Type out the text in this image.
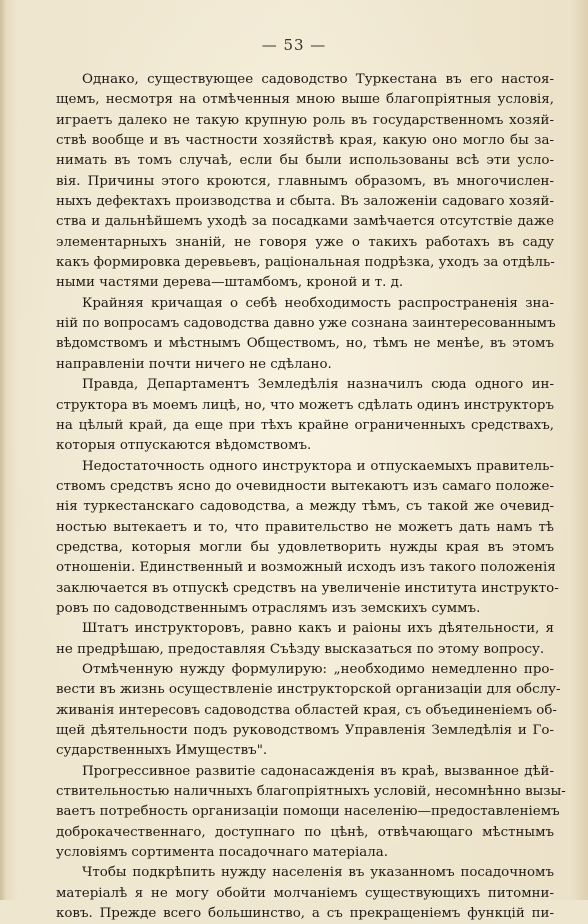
— 53 —
Однако, существующее садоводство Туркестана въ его настоя-
щемъ, несмотря на отмѣченныя мною выше благопріятныя условія,
играетъ далеко не такую крупную роль въ государственномъ хозяй-
ствѣ вообще и въ частности хозяйствѣ края, какую оно могло бы за-
нимать въ томъ случаѣ, если бы были использованы всѣ эти усло-
вія. Причины этого кроются, главнымъ образомъ, въ многочислен-
ныхъ дефектахъ производства и сбыта. Въ заложеніи садоваго хозяй-
ства и дальнѣйшемъ уходѣ за посадками замѣчается отсутствіе даже
элементарныхъ знаній, не говоря уже о такихъ работахъ въ саду
какъ формировка деревьевъ, раціональная подрѣзка, уходъ за отдѣль-
ными частями дерева—штамбомъ, кроной и т. д.
Крайняя кричащая о себѣ необходимость распространенія зна-
ній по вопросамъ садоводства давно уже сознана заинтересованнымъ
вѣдомствомъ и мѣстнымъ Обществомъ, но, тѣмъ не менѣе, въ этомъ
направленіи почти ничего не сдѣлано.
Правда, Департаментъ Земледѣлія назначилъ сюда одного ин-
структора въ моемъ лицѣ, но, что можетъ сдѣлать одинъ инструкторъ
на цѣлый край, да еще при тѣхъ крайне ограниченныхъ средствахъ,
которыя отпускаются вѣдомствомъ.
Недостаточность одного инструктора и отпускаемыхъ правитель-
ствомъ средствъ ясно до очевидности вытекаютъ изъ самаго положе-
нія туркестанскаго садоводства, а между тѣмъ, съ такой же очевид-
ностью вытекаетъ и то, что правительство не можетъ дать намъ тѣ
средства, которыя могли бы удовлетворить нужды края въ этомъ
отношеніи. Единственный и возможный исходъ изъ такого положенія
заключается въ отпускѣ средствъ на увеличеніе института инструкто-
ровъ по садоводственнымъ отраслямъ изъ земскихъ суммъ.
Штатъ инструкторовъ, равно какъ и раіоны ихъ дѣятельности, я
не предрѣшаю, предоставляя Съѣзду высказаться по этому вопросу.
Отмѣченную нужду формулирую: „необходимо немедленно про-
вести въ жизнь осуществленіе инструкторской организаціи для обслу-
живанія интересовъ садоводства областей края, съ объединеніемъ об-
щей дѣятельности подъ руководствомъ Управленія Земледѣлія и Го-
сударственныхъ Имуществъ".
Прогрессивное развитіе садонасажденія въ краѣ, вызванное дѣй-
ствительностью наличныхъ благопріятныхъ условій, несомнѣнно вызы-
ваетъ потребность организаціи помощи населенію—предоставленіемъ
доброкачественнаго, доступнаго по цѣнѣ, отвѣчающаго мѣстнымъ
условіямъ сортимента посадочнаго матеріала.
Чтобы подкрѣпить нужду населенія въ указанномъ посадочномъ
матеріалѣ я не могу обойти молчаніемъ существующихъ питомни-
ковъ. Прежде всего большинство, а съ прекращеніемъ функцій пи-
